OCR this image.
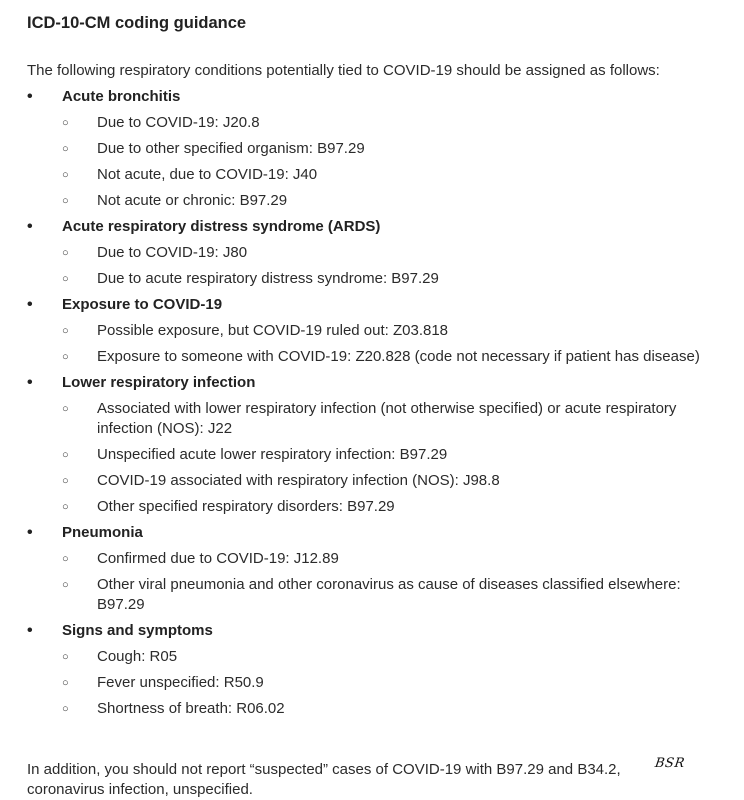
ICD-10-CM coding guidance

The following respiratory conditions potentially tied to COVID-19 should be assigned as follows:

•	Acute bronchitis
○	Due to COVID-19: J20.8
○	Due to other specified organism: B97.29
○	Not acute, due to COVID-19: J40
○	Not acute or chronic: B97.29
•	Acute respiratory distress syndrome (ARDS)
○	Due to COVID-19: J80
○	Due to acute respiratory distress syndrome: B97.29
•	Exposure to COVID-19
○	Possible exposure, but COVID-19 ruled out: Z03.818
○	Exposure to someone with COVID-19: Z20.828 (code not necessary if patient has disease)
•	Lower respiratory infection
○	Associated with lower respiratory infection (not otherwise specified) or acute respiratory infection (NOS): J22
○	Unspecified acute lower respiratory infection: B97.29
○	COVID-19 associated with respiratory infection (NOS): J98.8
○	Other specified respiratory disorders: B97.29
•	Pneumonia
○	Confirmed due to COVID-19: J12.89
○	Other viral pneumonia and other coronavirus as cause of diseases classified elsewhere: B97.29
•	Signs and symptoms
○	Cough: R05
○	Fever unspecified: R50.9
○	Shortness of breath: R06.02

In addition, you should not report “suspected” cases of COVID-19 with B97.29 and B34.2, coronavirus infection, unspecified.

BSR
